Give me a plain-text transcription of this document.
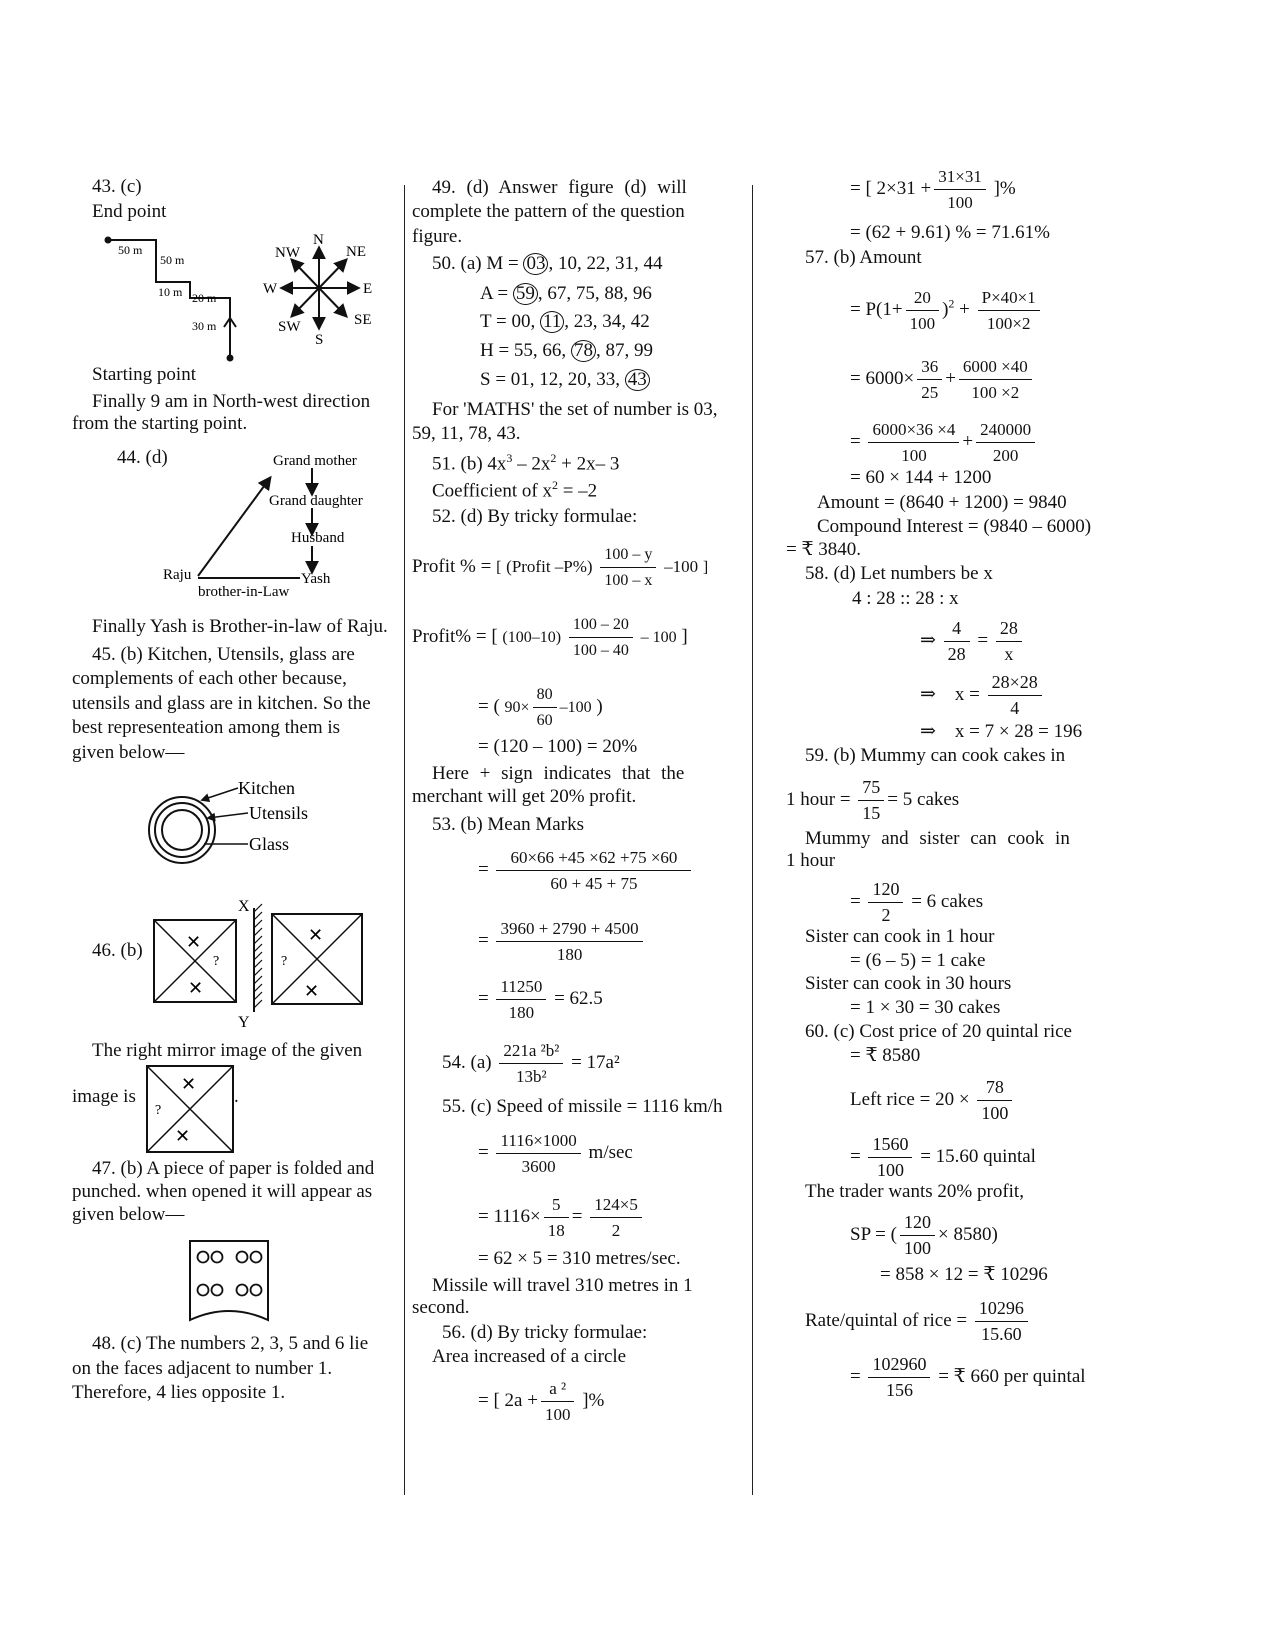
43. (c)
End point
50 m
50 m
10 m 20 m
30 m
N
NE
E
SE
S
SW
W
NW
Starting point
Finally 9 am in North-west direction
from the starting point.
44. (d)	Grand mother
Grand daughter
Husband
Raju	Yash
brother-in-Law
Finally Yash is Brother-in-law of Raju.
45. (b) Kitchen, Utensils, glass are
complements of each other because,
utensils and glass are in kitchen. So the
best representeation among them is
given below—
Kitchen
Utensils
Glass
46. (b) ✕
✕
?
X
Y
✕
✕
?
The right mirror image of the given
image is
✕
✕
?
.
47. (b) A piece of paper is folded and
punched. when opened it will appear as
given below—
48. (c) The numbers 2, 3, 5 and 6 lie
on the faces adjacent to number 1.
Therefore, 4 lies opposite 1.
49. (d) Answer figure (d) will
complete the pattern of the question
figure.
50. (a) M = 03 , 10, 22, 31, 44
A = 59 , 67, 75, 88, 96
T = 00, 11 , 23, 34, 42
H = 55, 66, 78 , 87, 99
S = 01, 12, 20, 33, 43
For 'MATHS' the set of number is 03,
59, 11, 78, 43.
51. (b) $4x^3 - 2x^2 + 2x-$ 3
Coefficient of $x^2 = -2$
52. (d) By tricky formulae:
Profit % = [ (Profit $-P\%) \frac{100 - y}{100 - x} -100$ ]
Profit% = [ $(100-10) \frac{100 - 20}{100 - 40} - 100$ ]
= ( $90\times \frac{80}{60} -100$ )
= (120 – 100) = 20%
Here + sign indicates that the
merchant will get 20% profit.
53. (b) Mean Marks
= $\frac{60\times 66 +45 \times 62 +75 \times 60}{60 + 45 + 75}$
= $\frac{3960 + 2790 + 4500}{180}$
= $\frac{11250}{180} = 62.5$
54. $(a) \frac{\text{221a ²b²}}{\text{13b²}} = 17a^2$
55. (c) Speed of missile = 1116 km/h
= $\frac{1116\times 1000}{3600} m/\sec$
= $1116\times \frac{5}{18} = \frac{124\times 5}{2}$
= 62 × 5 = 310 metres/sec.
Missile will travel 310 metres in 1
second.
56. (d) By tricky formulae:
Area increased of a circle
= [ $2a + \frac{\text{a ²}}{100}$ ]%
= [ $2\times 31 + \frac{31\times 31}{100}$ ]%
= (62 + 9.61) % = 71.61%
57. (b) Amount
= $P(1+ \frac{20}{100} )^2 + \frac{P\times 40\times 1}{100\times 2}$
= $6000\times \frac{36}{25} + \frac{6000 \times 40}{100 \times 2}$
= $\frac{6000\times 36 \times 4}{100} + \frac{240000}{200}$
= 60 × 144 + 1200
Amount = (8640 + 1200) = 9840
Compound Interest = (9840 – 6000)
= ₹ 3840.
58. (d) Let numbers be x
4 : 28 :: 28 : x
⇒ $\frac{4}{28} = \frac{28}{x}$
⇒ $x = \frac{28\times 28}{4}$
⇒ x = 7 × 28 = 196
59. (b) Mummy can cook cakes in
1 hour = $\frac{75}{15} = 5$ cakes
Mummy and sister can cook in
1 hour
= $\frac{120}{2} = 6$ cakes
Sister can cook in 1 hour
= (6 – 5) = 1 cake
Sister can cook in 30 hours
= 1 × 30 = 30 cakes
60. (c) Cost price of 20 quintal rice
= ₹ 8580
Left rice = $20 \times \frac{78}{100}$
= $\frac{1560}{100} = 15.60$ quintal
The trader wants 20% profit,
SP = ( $\frac{120}{100} \times 8580$)
= 858 × 12 = ₹ 10296
Rate/quintal of rice = $\frac{10296}{15.60}$
= $\frac{102960}{156}$ = ₹ 660 per quintal
